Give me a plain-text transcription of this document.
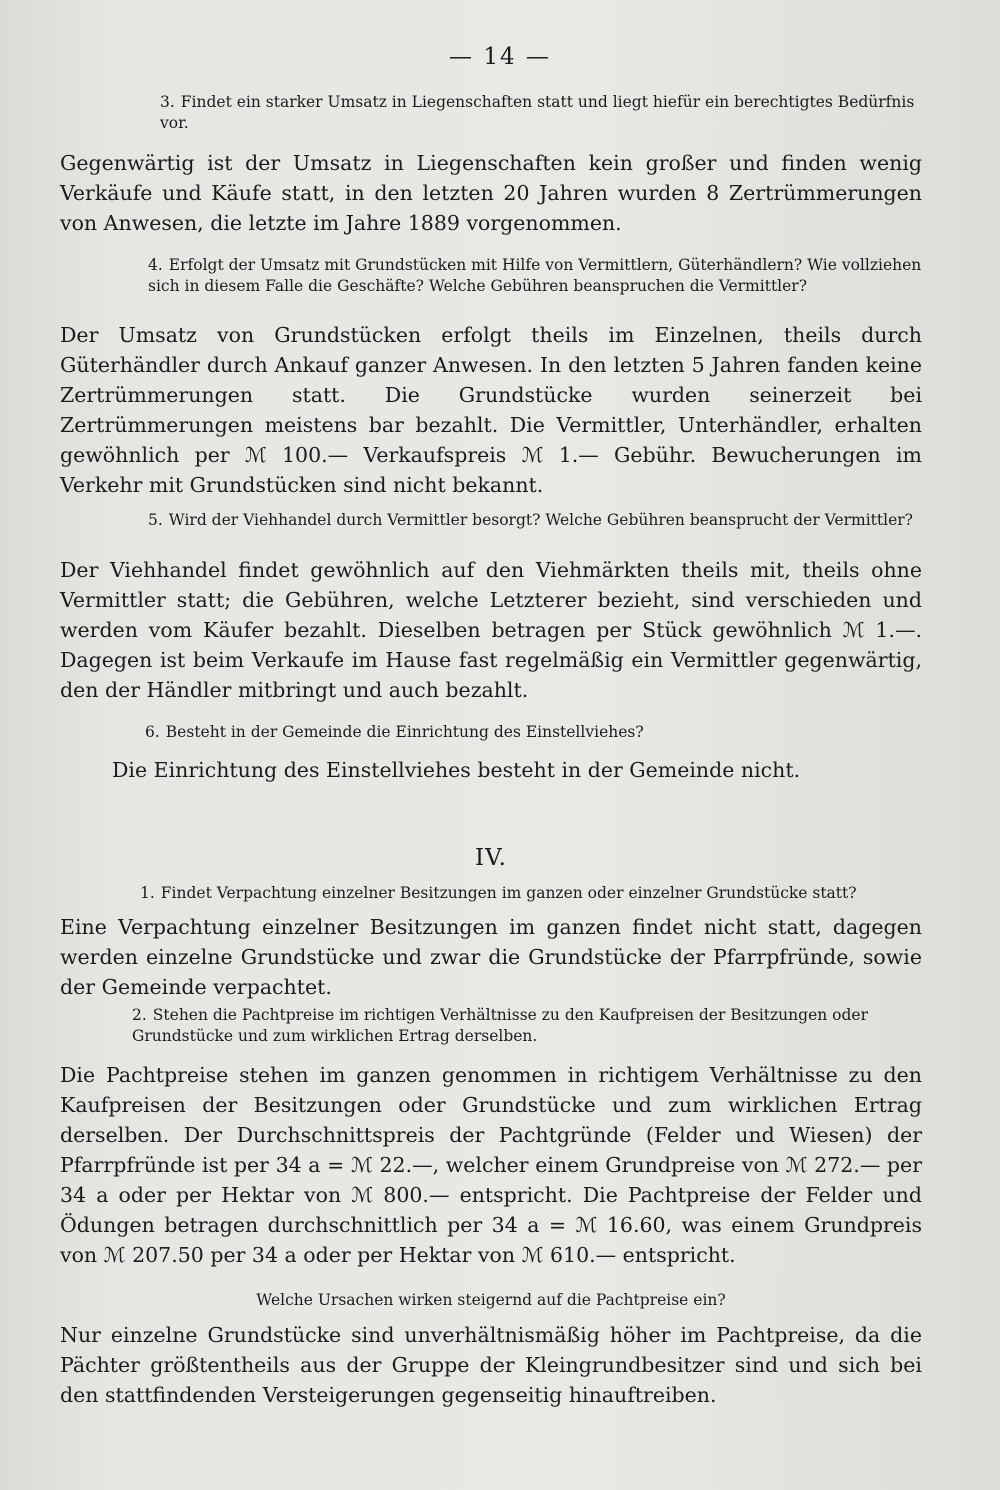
— 14 —
3. Findet ein starker Umsatz in Liegenschaften statt und liegt hiefür ein berechtigtes Bedürfnis vor.
Gegenwärtig ist der Umsatz in Liegenschaften kein großer und finden wenig Verkäufe und Käufe statt, in den letzten 20 Jahren wurden 8 Zertrümmerungen von Anwesen, die letzte im Jahre 1889 vorgenommen.
4. Erfolgt der Umsatz mit Grundstücken mit Hilfe von Vermittlern, Güterhändlern? Wie vollziehen sich in diesem Falle die Geschäfte? Welche Gebühren beanspruchen die Vermittler?
Der Umsatz von Grundstücken erfolgt theils im Einzelnen, theils durch Güterhändler durch Ankauf ganzer Anwesen. In den letzten 5 Jahren fanden keine Zertrümmerungen statt. Die Grundstücke wurden seinerzeit bei Zertrümmerungen meistens bar bezahlt. Die Vermittler, Unterhändler, erhalten gewöhnlich per ℳ 100.— Verkaufspreis ℳ 1.— Gebühr. Bewucherungen im Verkehr mit Grundstücken sind nicht bekannt.
5. Wird der Viehhandel durch Vermittler besorgt? Welche Gebühren beansprucht der Vermittler?
Der Viehhandel findet gewöhnlich auf den Viehmärkten theils mit, theils ohne Vermittler statt; die Gebühren, welche Letzterer bezieht, sind verschieden und werden vom Käufer bezahlt. Dieselben betragen per Stück gewöhnlich ℳ 1.—. Dagegen ist beim Verkaufe im Hause fast regelmäßig ein Vermittler gegenwärtig, den der Händler mitbringt und auch bezahlt.
6. Besteht in der Gemeinde die Einrichtung des Einstellviehes?
Die Einrichtung des Einstellviehes besteht in der Gemeinde nicht.
IV.
1. Findet Verpachtung einzelner Besitzungen im ganzen oder einzelner Grundstücke statt?
Eine Verpachtung einzelner Besitzungen im ganzen findet nicht statt, dagegen werden einzelne Grundstücke und zwar die Grundstücke der Pfarrpfründe, sowie der Gemeinde verpachtet.
2. Stehen die Pachtpreise im richtigen Verhältnisse zu den Kaufpreisen der Besitzungen oder Grundstücke und zum wirklichen Ertrag derselben.
Die Pachtpreise stehen im ganzen genommen in richtigem Verhältnisse zu den Kaufpreisen der Besitzungen oder Grundstücke und zum wirklichen Ertrag derselben. Der Durchschnittspreis der Pachtgründe (Felder und Wiesen) der Pfarrpfründe ist per 34 a = ℳ 22.—, welcher einem Grundpreise von ℳ 272.— per 34 a oder per Hektar von ℳ 800.— entspricht. Die Pachtpreise der Felder und Ödungen betragen durchschnittlich per 34 a = ℳ 16.60, was einem Grundpreis von ℳ 207.50 per 34 a oder per Hektar von ℳ 610.— entspricht.
Welche Ursachen wirken steigernd auf die Pachtpreise ein?
Nur einzelne Grundstücke sind unverhältnismäßig höher im Pachtpreise, da die Pächter größtentheils aus der Gruppe der Kleingrundbesitzer sind und sich bei den stattfindenden Versteigerungen gegenseitig hinauftreiben.
